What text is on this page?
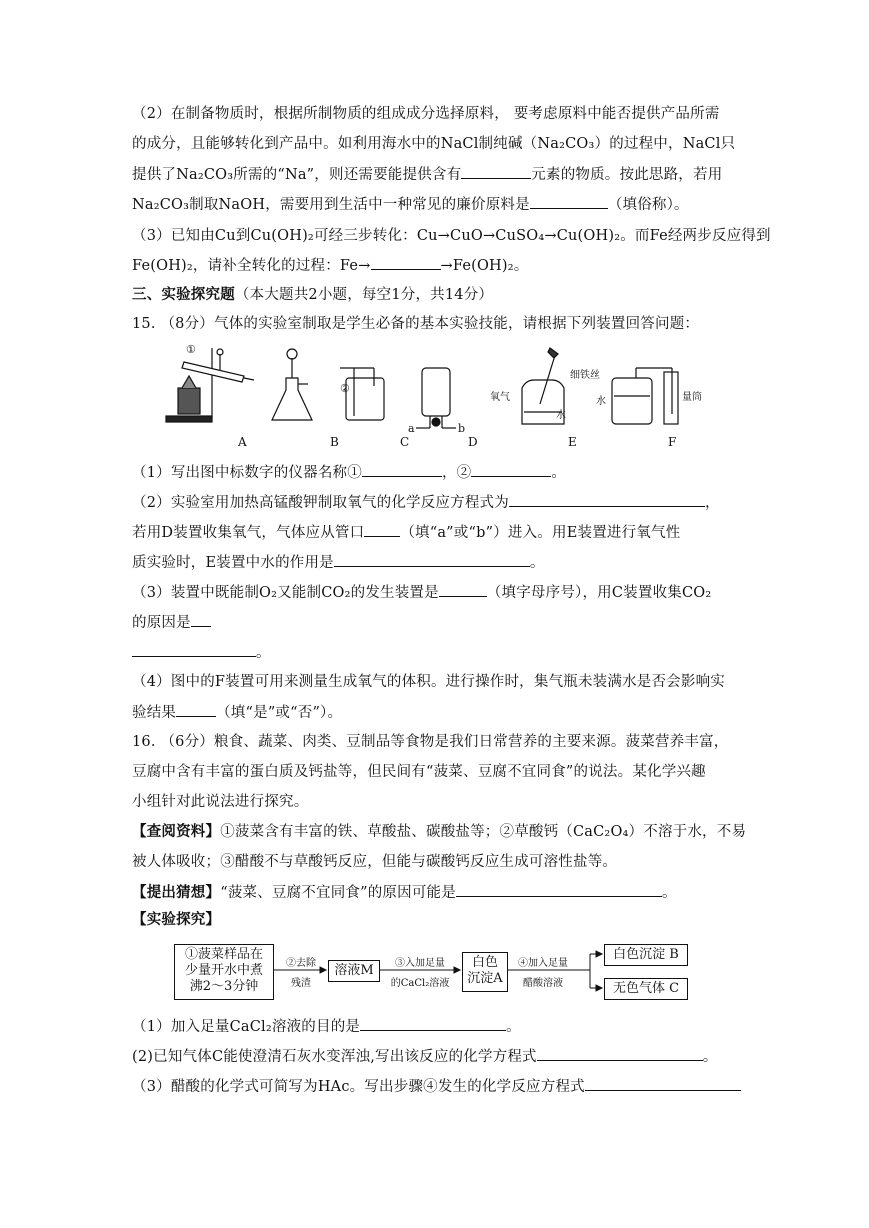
（2）在制备物质时，根据所制物质的组成成分选择原料， 要考虑原料中能否提供产品所需
的成分，且能够转化到产品中。如利用海水中的NaCl制纯碱（Na₂CO₃）的过程中，NaCl只
提供了Na₂CO₃所需的“Na”，则还需要能提供含有	元素的物质。按此思路，若用
Na₂CO₃制取NaOH，需要用到生活中一种常见的廉价原料是	（填俗称）。
（3）已知由Cu到Cu(OH)₂可经三步转化：Cu→CuO→CuSO₄→Cu(OH)₂。而Fe经两步反应得到
Fe(OH)₂，请补全转化的过程：Fe→	→Fe(OH)₂。
三、实验探究题（本大题共2小题，每空1分，共14分）
15. （8分）气体的实验室制取是学生必备的基本实验技能，请根据下列装置回答问题：
①
②
a	b
氧气
细铁丝
水
水	量筒
A	B	C	D	E	F
（1）写出图中标数字的仪器名称①	，②	。
（2）实验室用加热高锰酸钾制取氧气的化学反应方程式为	，
若用D装置收集氧气，气体应从管口 （填“a”或“b”）进入。用E装置进行氧气性
质实验时，E装置中水的作用是	。
（3）装置中既能制O₂又能制CO₂的发生装置是	（填字母序号），用C装置收集CO₂
的原因是
。
（4）图中的F装置可用来测量生成氧气的体积。进行操作时，集气瓶未装满水是否会影响实
验结果	（填“是”或“否”）。
16. （6分）粮食、蔬菜、肉类、豆制品等食物是我们日常营养的主要来源。菠菜营养丰富，
豆腐中含有丰富的蛋白质及钙盐等，但民间有“菠菜、豆腐不宜同食”的说法。某化学兴趣
小组针对此说法进行探究。
【查阅资料】①菠菜含有丰富的铁、草酸盐、碳酸盐等；②草酸钙（CaC₂O₄）不溶于水，不易
被人体吸收；③醋酸不与草酸钙反应，但能与碳酸钙反应生成可溶性盐等。
【提出猜想】“菠菜、豆腐不宜同食”的原因可能是	。
【实验探究】
①菠菜样品在
少量开水中煮
沸2～3分钟
②去除
残渣
溶液M	③入加足量
的CaCl₂溶液
白色
沉淀A
④加入足量
醋酸溶液
白色沉淀 B
无色气体 C
（1）加入足量CaCl₂溶液的目的是	。
(2)已知气体C能使澄清石灰水变浑浊,写出该反应的化学方程式	。
（3）醋酸的化学式可简写为HAc。写出步骤④发生的化学反应方程式
